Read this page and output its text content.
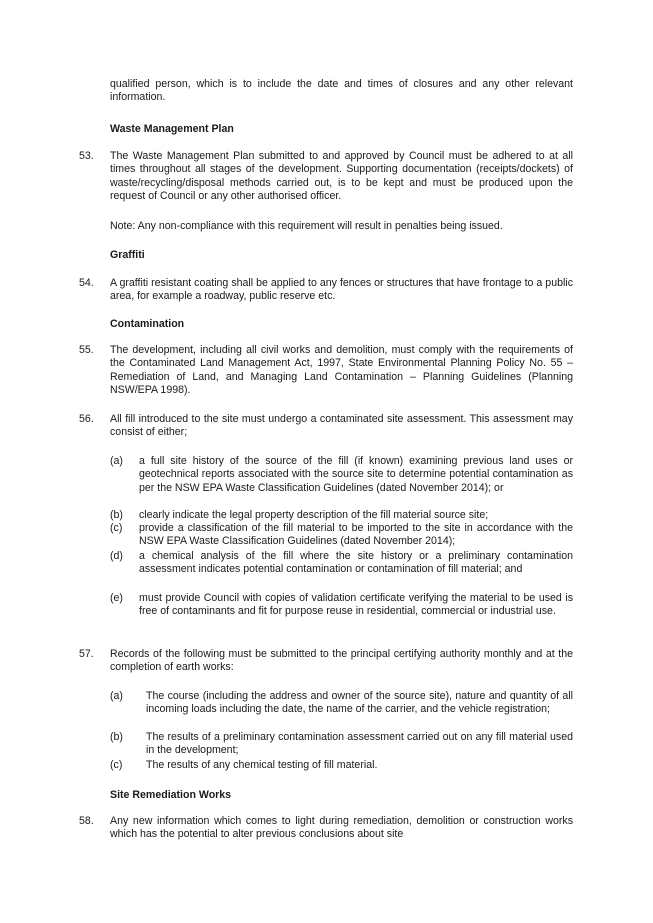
qualified person, which is to include the date and times of closures and any other relevant information.
Waste Management Plan
53. The Waste Management Plan submitted to and approved by Council must be adhered to at all times throughout all stages of the development. Supporting documentation (receipts/dockets) of waste/recycling/disposal methods carried out, is to be kept and must be produced upon the request of Council or any other authorised officer.
Note: Any non-compliance with this requirement will result in penalties being issued.
Graffiti
54. A graffiti resistant coating shall be applied to any fences or structures that have frontage to a public area, for example a roadway, public reserve etc.
Contamination
55. The development, including all civil works and demolition, must comply with the requirements of the Contaminated Land Management Act, 1997, State Environmental Planning Policy No. 55 – Remediation of Land, and Managing Land Contamination – Planning Guidelines (Planning NSW/EPA 1998).
56. All fill introduced to the site must undergo a contaminated site assessment. This assessment may consist of either;
(a) a full site history of the source of the fill (if known) examining previous land uses or geotechnical reports associated with the source site to determine potential contamination as per the NSW EPA Waste Classification Guidelines (dated November 2014); or
(b) clearly indicate the legal property description of the fill material source site;
(c) provide a classification of the fill material to be imported to the site in accordance with the NSW EPA Waste Classification Guidelines (dated November 2014);
(d) a chemical analysis of the fill where the site history or a preliminary contamination assessment indicates potential contamination or contamination of fill material; and
(e) must provide Council with copies of validation certificate verifying the material to be used is free of contaminants and fit for purpose reuse in residential, commercial or industrial use.
57. Records of the following must be submitted to the principal certifying authority monthly and at the completion of earth works:
(a) The course (including the address and owner of the source site), nature and quantity of all incoming loads including the date, the name of the carrier, and the vehicle registration;
(b) The results of a preliminary contamination assessment carried out on any fill material used in the development;
(c) The results of any chemical testing of fill material.
Site Remediation Works
58. Any new information which comes to light during remediation, demolition or construction works which has the potential to alter previous conclusions about site
